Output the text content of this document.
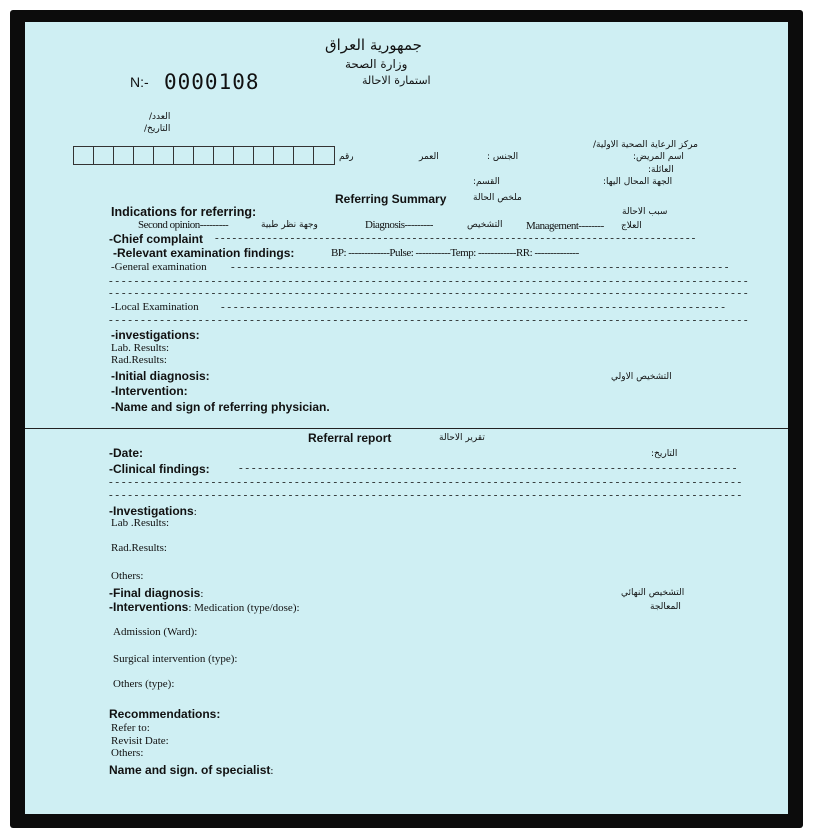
جمهورية العراق
وزارة الصحة
استمارة الاحالة
N:- 0000108
العدد/
التاريخ/
مركز الرعاية الصحية الاولية/
اسم المريض:
الجنس :
العمر
رقم
العائلة:
الجهة المحال اليها:
القسم:
Referring Summary	ملخص الحالة
Indications for referring:	سبب الاحالة
Second opinion---------	وجهة نظر طبية	Diagnosis---------	التشخيص Management-------- العلاج
-Chief complaint - - - - - - - - - - - - - - - - - - - - - - - - - - - - - - - - - - - - - - - - - - - - - - - - - - - - - - - - - - - - - - - - - - - - - - - - - - - - - - - - - - -
-Relevant examination findings:	BP: -------------Pulse: -----------Temp: ------------RR: --------------
-General examination - - - - - - - - - - - - - - - - - - - - - - - - - - - - - - - - - - - - - - - - - - - - - - - - - - - - - - - - - - - - - - - - - - - - - - - - - - - - - -
- - - - - - - - - - - - - - - - - - - - - - - - - - - - - - - - - - - - - - - - - - - - - - - - - - - - - - - - - - - - - - - - - - - - - - - - - - - - - - - - - - - - - - - - - - - - - - - - - - - -
- - - - - - - - - - - - - - - - - - - - - - - - - - - - - - - - - - - - - - - - - - - - - - - - - - - - - - - - - - - - - - - - - - - - - - - - - - - - - - - - - - - - - - - - - - - - - - - - - - - -
-Local Examination - - - - - - - - - - - - - - - - - - - - - - - - - - - - - - - - - - - - - - - - - - - - - - - - - - - - - - - - - - - - - - - - - - - - - - - - - - - - - - -
- - - - - - - - - - - - - - - - - - - - - - - - - - - - - - - - - - - - - - - - - - - - - - - - - - - - - - - - - - - - - - - - - - - - - - - - - - - - - - - - - - - - - - - - - - - - - - - - - - - -
-investigations:
Lab. Results:
Rad.Results:
-Initial diagnosis:	التشخيص الاولي
-Intervention:
-Name and sign of referring physician.
Referral report	تقرير الاحالة
-Date:	التاريخ:
-Clinical findings:	- - - - - - - - - - - - - - - - - - - - - - - - - - - - - - - - - - - - - - - - - - - - - - - - - - - - - - - - - - - - - - - - - - - - - - - - - - - - - -
- - - - - - - - - - - - - - - - - - - - - - - - - - - - - - - - - - - - - - - - - - - - - - - - - - - - - - - - - - - - - - - - - - - - - - - - - - - - - - - - - - - - - - - - - - - - - - - - - - -
- - - - - - - - - - - - - - - - - - - - - - - - - - - - - - - - - - - - - - - - - - - - - - - - - - - - - - - - - - - - - - - - - - - - - - - - - - - - - - - - - - - - - - - - - - - - - - - - - - -
-Investigations:
Lab .Results:
Rad.Results:
Others:
-Final diagnosis:	التشخيص النهائي
-Interventions: Medication (type/dose):	المعالجة
Admission (Ward):
Surgical intervention (type):
Others (type):
Recommendations:
Refer to:
Revisit Date:
Others:
Name and sign. of specialist:
